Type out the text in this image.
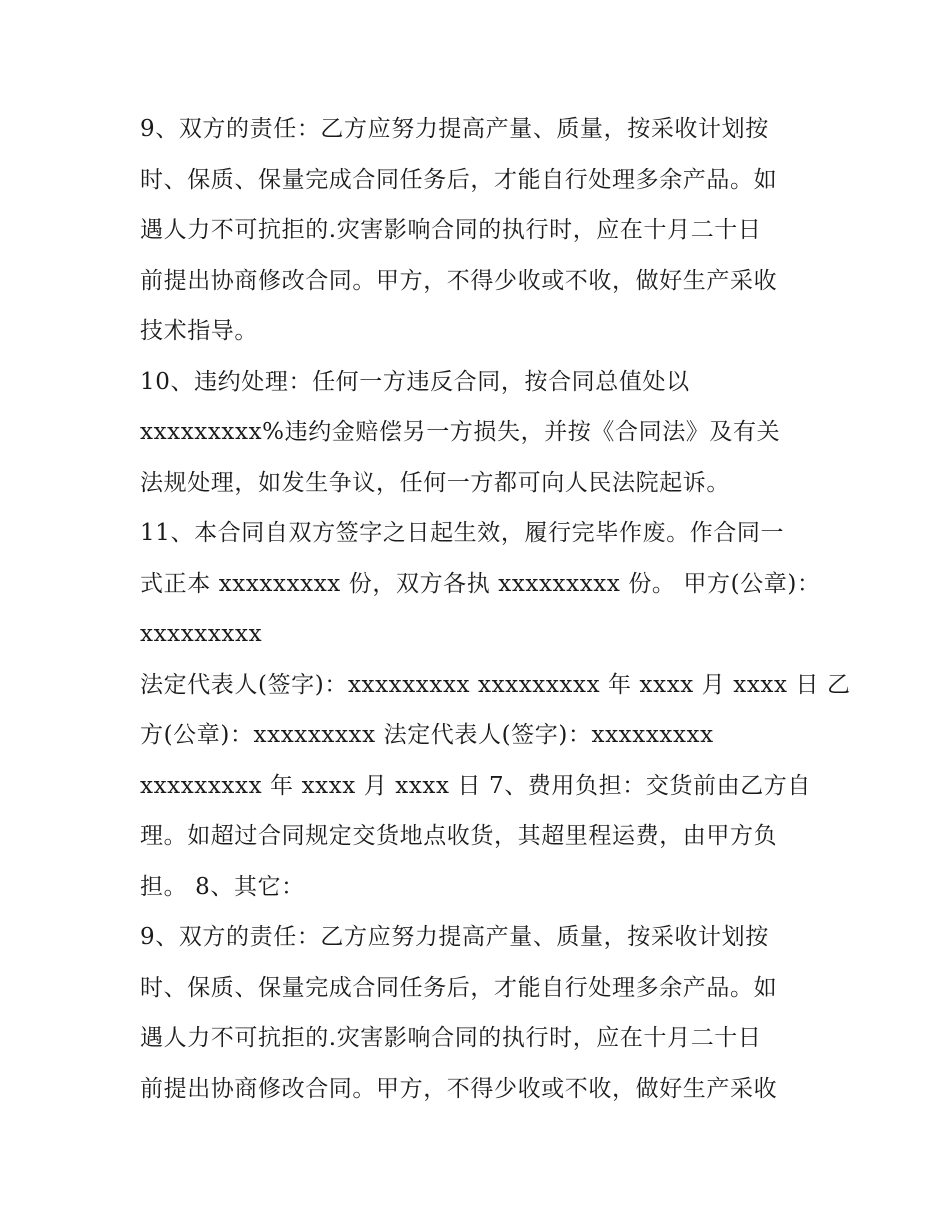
9、双方的责任：乙方应努力提高产量、质量，按采收计划按
时、保质、保量完成合同任务后，才能自行处理多余产品。如
遇人力不可抗拒的.灾害影响合同的执行时，应在十月二十日
前提出协商修改合同。甲方，不得少收或不收，做好生产采收
技术指导。
10、违约处理：任何一方违反合同，按合同总值处以
xxxxxxxxx%违约金赔偿另一方损失，并按《合同法》及有关
法规处理，如发生争议，任何一方都可向人民法院起诉。
11、本合同自双方签字之日起生效，履行完毕作废。作合同一
式正本 xxxxxxxxx 份，双方各执 xxxxxxxxx 份。 甲方(公章)：
xxxxxxxxx
法定代表人(签字)：xxxxxxxxx xxxxxxxxx 年 xxxx 月 xxxx 日 乙
方(公章)：xxxxxxxxx 法定代表人(签字)：xxxxxxxxx
xxxxxxxxx 年 xxxx 月 xxxx 日 7、费用负担：交货前由乙方自
理。如超过合同规定交货地点收货，其超里程运费，由甲方负
担。 8、其它：
9、双方的责任：乙方应努力提高产量、质量，按采收计划按
时、保质、保量完成合同任务后，才能自行处理多余产品。如
遇人力不可抗拒的.灾害影响合同的执行时，应在十月二十日
前提出协商修改合同。甲方，不得少收或不收，做好生产采收
